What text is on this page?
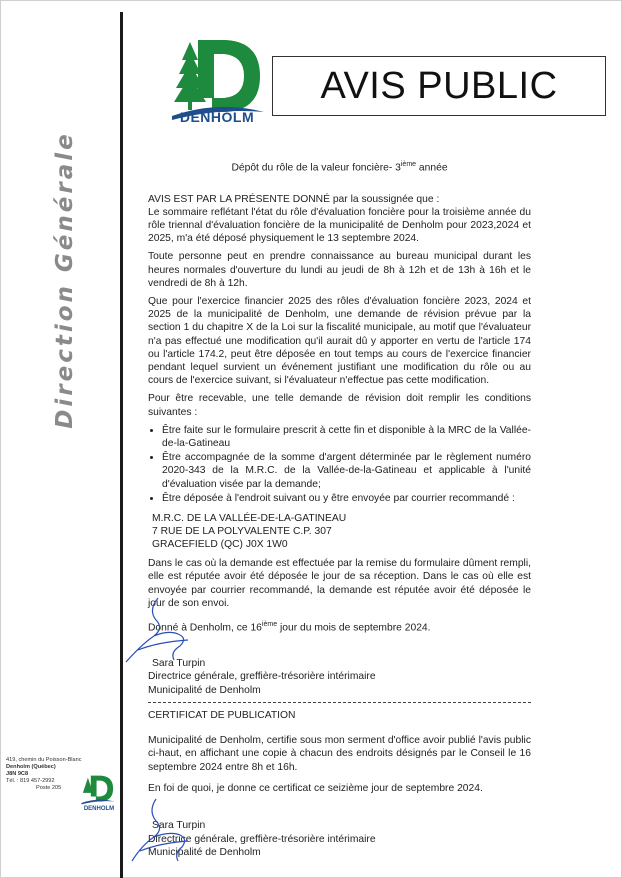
Direction Générale
DENHOLM
AVIS PUBLIC
Dépôt du rôle de la valeur foncière- 3ième année

AVIS EST PAR LA PRÉSENTE DONNÉ par la soussignée que :

Le sommaire reflétant l'état du rôle d'évaluation foncière pour la troisième année du rôle triennal d'évaluation foncière de la municipalité de Denholm pour 2023,2024 et 2025, m'a été déposé physiquement le 13 septembre 2024.

Toute personne peut en prendre connaissance au bureau municipal durant les heures normales d'ouverture du lundi au jeudi de 8h à 12h et de 13h à 16h et le vendredi de 8h à 12h.

Que pour l'exercice financier 2025 des rôles d'évaluation foncière 2023, 2024 et 2025 de la municipalité de Denholm, une demande de révision prévue par la section 1 du chapitre X de la Loi sur la fiscalité municipale, au motif que l'évaluateur n'a pas effectué une modification qu'il aurait dû y apporter en vertu de l'article 174 ou l'article 174.2, peut être déposée en tout temps au cours de l'exercice financier pendant lequel survient un événement justifiant une modification du rôle ou au cours de l'exercice suivant, si l'évaluateur n'effectue pas cette modification.

Pour être recevable, une telle demande de révision doit remplir les conditions suivantes :

• Être faite sur le formulaire prescrit à cette fin et disponible à la MRC de la Vallée-de-la-Gatineau
• Être accompagnée de la somme d'argent déterminée par le règlement numéro 2020-343 de la M.R.C. de la Vallée-de-la-Gatineau et applicable à l'unité d'évaluation visée par la demande;
• Être déposée à l'endroit suivant ou y être envoyée par courrier recommandé :
M.R.C. DE LA VALLÉE-DE-LA-GATINEAU
7 RUE DE LA POLYVALENTE C.P. 307
GRACEFIELD (QC) J0X 1W0

Dans le cas où la demande est effectuée par la remise du formulaire dûment rempli, elle est réputée avoir été déposée le jour de sa réception. Dans le cas où elle est envoyée par courrier recommandé, la demande est réputée avoir été déposée le jour de son envoi.

Donné à Denholm, ce 16ième jour du mois de septembre 2024.

Sara Turpin
Directrice générale, greffière-trésorière intérimaire
Municipalité de Denholm
CERTIFICAT DE PUBLICATION

Municipalité de Denholm, certifie sous mon serment d'office avoir publié l'avis public ci-haut, en affichant une copie à chacun des endroits désignés par le Conseil le 16 septembre 2024 entre 8h et 16h.

En foi de quoi, je donne ce certificat ce seizième jour de septembre 2024.

Sara Turpin
Directrice générale, greffière-trésorière intérimaire
Municipalité de Denholm
419, chemin du Poisson-Blanc
Denholm (Québec)
J8N 9C8
Tél. : 819 457-2992
Poste 205
DENHOLM
